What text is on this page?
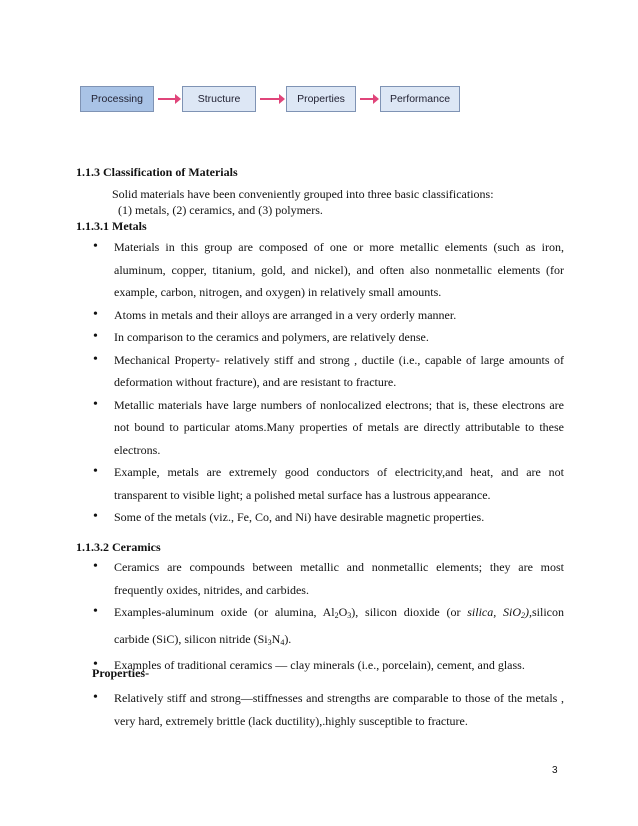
Processing	Structure	Properties	Performance
1.1.3 Classification of Materials
Solid materials have been conveniently grouped into three basic classifications:
(1) metals, (2) ceramics, and (3) polymers.
1.1.3.1 Metals
• Materials in this group are composed of one or more metallic elements (such as iron, aluminum, copper, titanium, gold, and nickel), and often also nonmetallic elements (for example, carbon, nitrogen, and oxygen) in relatively small amounts.
• Atoms in metals and their alloys are arranged in a very orderly manner.
• In comparison to the ceramics and polymers, are relatively dense.
• Mechanical Property- relatively stiff and strong , ductile (i.e., capable of large amounts of deformation without fracture), and are resistant to fracture.
• Metallic materials have large numbers of nonlocalized electrons; that is, these electrons are not bound to particular atoms.Many properties of metals are directly attributable to these electrons.
• Example, metals are extremely good conductors of electricity,and heat, and are not transparent to visible light; a polished metal surface has a lustrous appearance.
• Some of the metals (viz., Fe, Co, and Ni) have desirable magnetic properties.
1.1.3.2 Ceramics
• Ceramics are compounds between metallic and nonmetallic elements; they are most frequently oxides, nitrides, and carbides.
• Examples-aluminum oxide (or alumina, $Al_2O_3$), silicon dioxide (or silica, SiO$_2$),silicon carbide (SiC), silicon nitride $(Si_3N_4)$.
• Examples of traditional ceramics — clay minerals (i.e., porcelain), cement, and glass.
Properties-
• Relatively stiff and strong—stiffnesses and strengths are comparable to those of the metals , very hard, extremely brittle (lack ductility),.highly susceptible to fracture.
3
